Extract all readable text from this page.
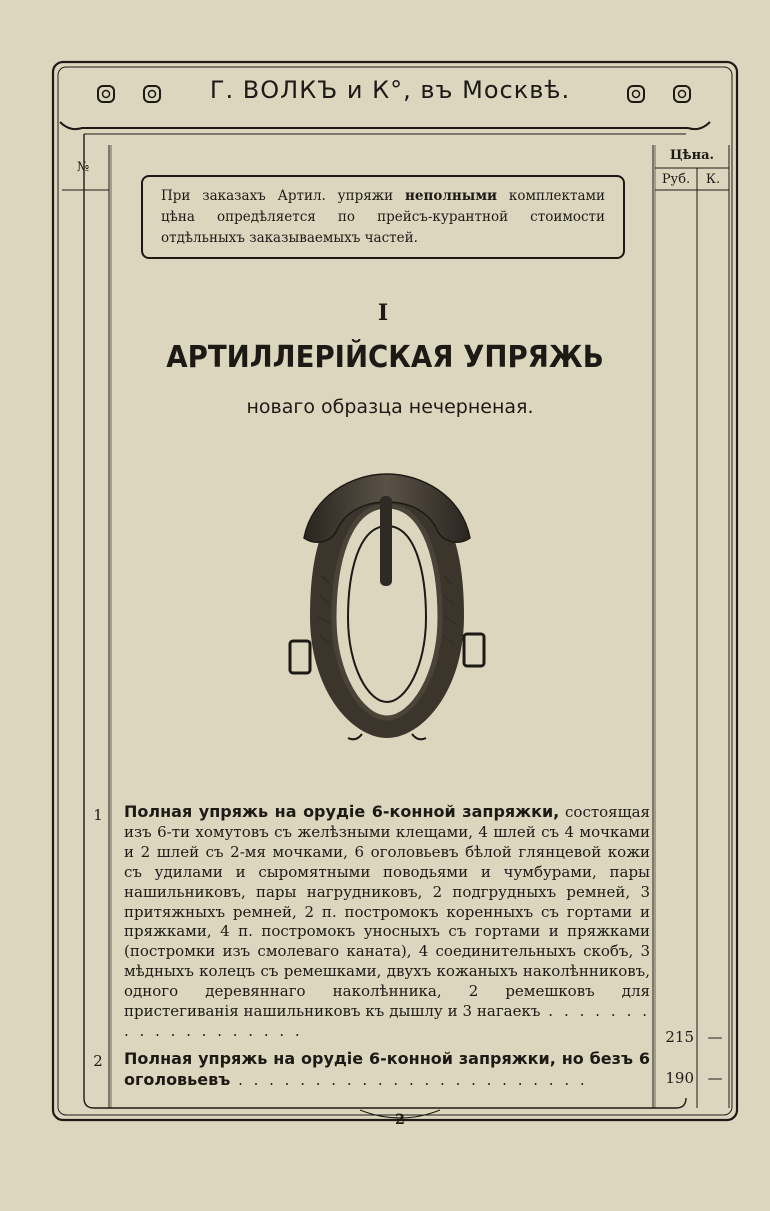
Г. ВОЛКЪ и К°, въ Москвѣ.
№
Цѣна.
Руб.	К.
При заказахъ Артил. упряжи неполными комплектами цѣна опредѣляется по прейсъ-курантной стоимости отдѣльныхъ заказываемыхъ частей.
I
АРТИЛЛЕРІЙСКАЯ УПРЯЖЬ
новаго образца нечерненая.
1	Полная упряжь на орудіе 6-конной запряжки, состоящая изъ 6-ти хомутовъ съ желѣзными клещами, 4 шлей съ 4 мочками и 2 шлей съ 2-мя мочками, 6 оголовьевъ бѣлой глянцевой кожи съ удилами и сыромятными поводьями и чумбурами, пары нашильниковъ, пары нагрудниковъ, 2 подгрудныхъ ремней, 3 притяжныхъ ремней, 2 п. постромокъ коренныхъ съ гортами и пряжками, 4 п. постромокъ уносныхъ съ гортами и пряжками (постромки изъ смолеваго каната), 4 соединительныхъ скобъ, 3 мѣдныхъ колецъ съ ремешками, двухъ кожаныхъ наколѣнниковъ, одного деревяннаго наколѣнника, 2 ремешковъ для пристегиванія нашильниковъ къ дышлу и 3 нагаекъ . . . . . . . . . . . . . . . . . . .	215 —
2	Полная упряжь на орудіе 6-конной запряжки, но безъ 6 оголовьевъ . . . . . . . . . . . . . . . . . . . . . . .	190 —
2
